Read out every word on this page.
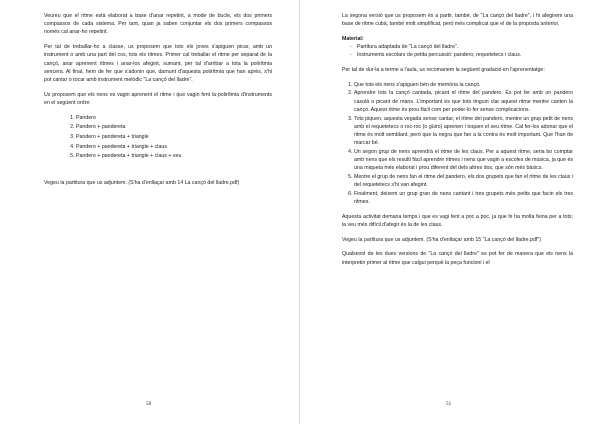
Veureu que el ritme està elaborat a base d'anar repetint, a mode de bucle, els dos primers compassos de cada sistema. Per tant, quan ja saben conjuntar els dos primers compassos només cal anar-ho repetint.

Per tal de treballar-ho a classe, us proposem que tots els joves s'apiguen picar, amb un instrument o amb una part del cos, tots els ritmes. Primer cal treballar el ritme per separat de la cançó, anar aprenent ritmes i anar-los afegint, sumant, per tal d'arribar a tota la polirítmia sencera. Al final, hem de fer que s'adonin que, damunt d'aquesta polirítmia que han après, s'hi pot cantar o tocar amb instrument melòdic "La cançó del lladre".

Us proposem que els nens es vagin aprenent el ritme i que vagin fent la polirítmia d'instruments en el següent ordre:

1. Pandero
2. Pandero + pandereta
3. Pandero + pandereta + triangle
4. Pandero + pandereta + triangle + claus
5. Pandero + pandereta + triangle + claus + veu

Vegeu la partitura que us adjuntem. (S'ha d'enllaçar amb 14 La cançó del lladre.pdf)

50

La segona versió que us proposem és a partir, també, de "La cançó del lladre", i hi afegirem una base de ritme cubà, també molt simplificat, però més complicat que el de la proposta anterior.

Material:
- Partitura adaptada de "La cançó del lladre".
- Instruments escolars de petita percussió: pandero, requetetecs i claus.

Per tal de dur-la a terme a l'aula, us recomanem la següent gradació en l'aprenentatge:

1. Que tots els nens s'apiguen bén de memòria la cançó.
2. Aprendre tots la cançó cantada, picant el ritme del pandero. És pot fer amb un pandero casolà o picant de mans. L'important és que tots tinguin clar aquest ritme mentre canten la cançó. Aquest ritme és prou fàcil com per poder-lo fer sense complicacions.
3. Tots piquen, aquesta vegada sense cantar, el ritme del pandero, mentre un grup petit de nens amb el requetetecs o roc-roc (o güiro) aprenen i toquen el seu ritme. Cal fer-los adonar que el ritme és molt semblant, però que la negra que fan a la contra és molt important. Que l'han de marcar bé.
4. Un segon grup de nens aprendrà el ritme de les claus. Per a aquest ritme, seria bo comptar amb nens que els resulti fàcil aprendre ritmes i nens que vagin a escoles de música, ja que és una miqueta més elaborat i prou diferent del dels altres dos, que són més bàsics.
5. Mentre el grup de nens fan el ritme del pandero, els dos grupets que fan el ritme de les claus i del requetetecs s'hi van afegint.
6. Finalment, deixem un grup gran de nens cantant i tres grupets més petits que facin els tres ritmes.

Aquesta activitat demana temps i que es vagi fent a poc a poc, ja que hi ha molta feina per a tots; la veu més difícil d'afegir és la de les claus.

Vegeu la partitura que us adjuntem. (S'ha d'enllaçar amb 15 "La cançó del lladre.pdf")

Qualsevol de les dues versions de "La cançó del lladre" es pot fer de manera que els nens la interpretin primer al ritme que calgui perquè la peça funcioni i el

51
